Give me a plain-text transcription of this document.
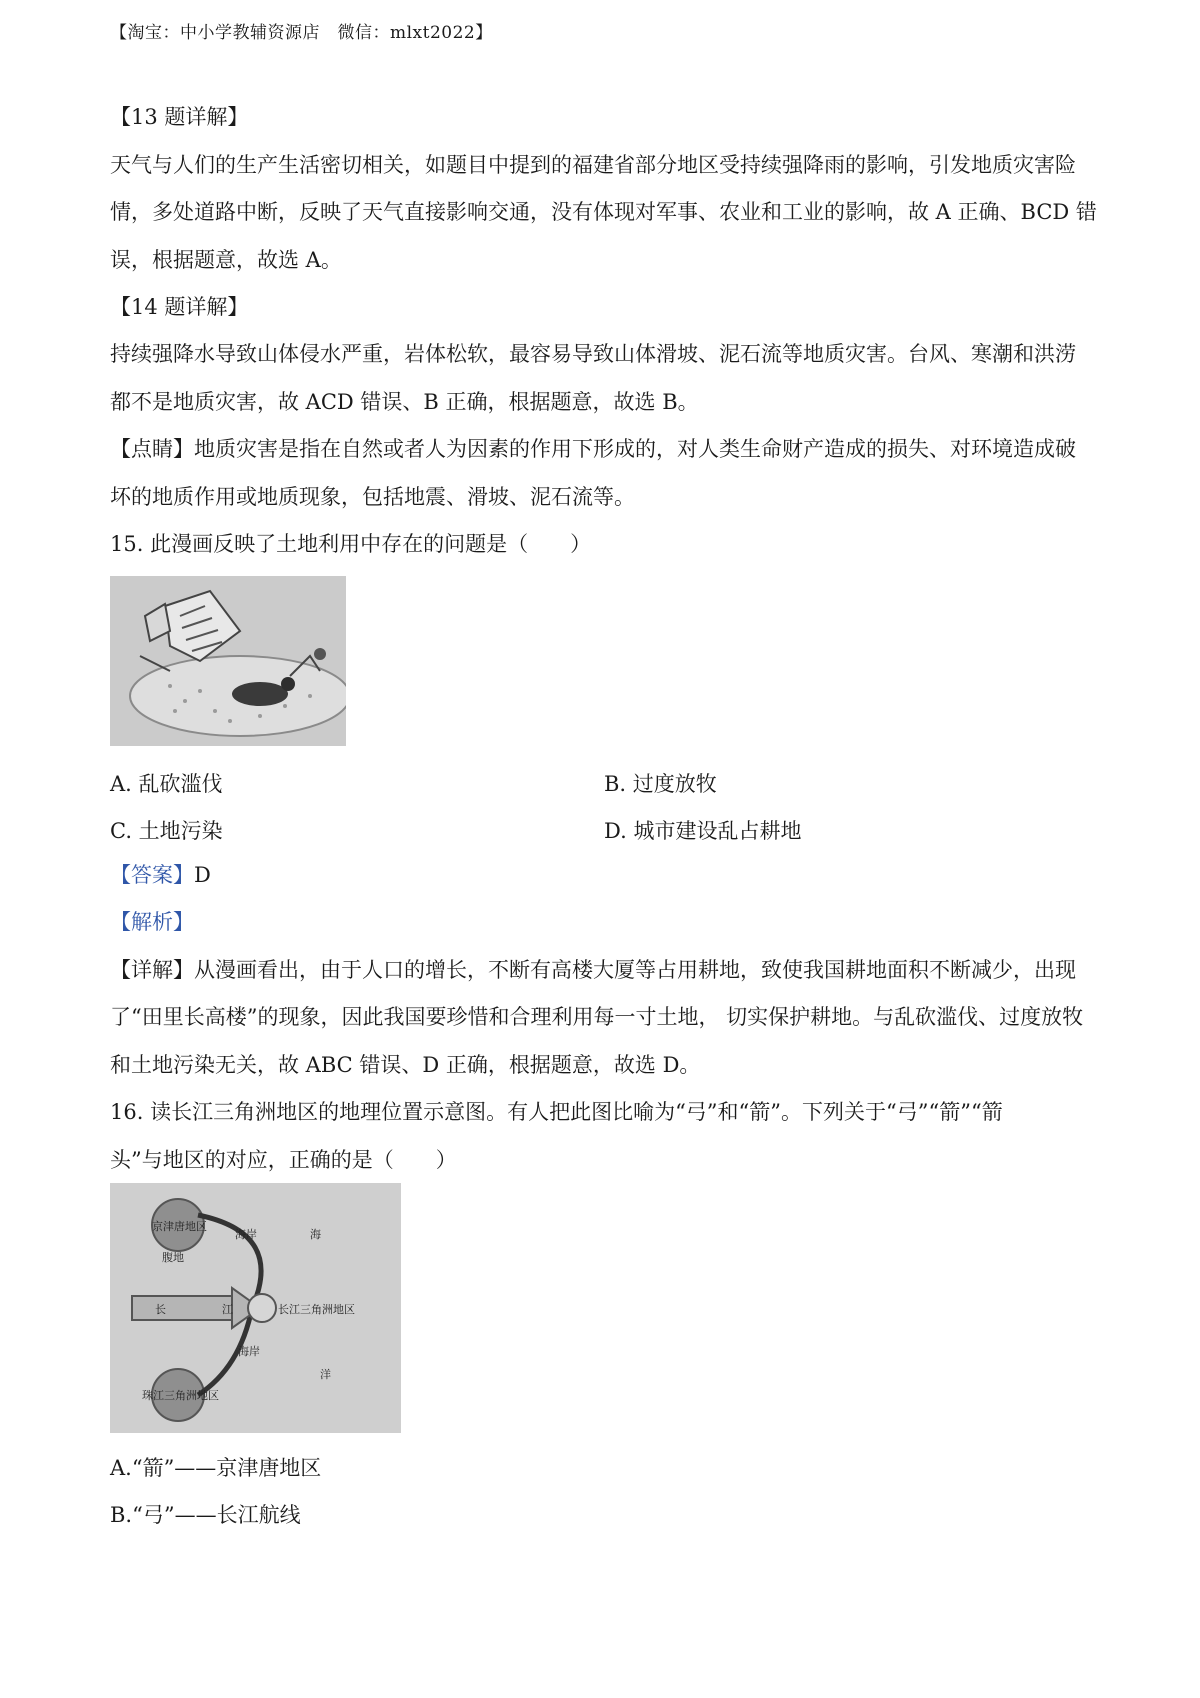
【淘宝：中小学教辅资源店　微信：mlxt2022】
【13 题详解】
天气与人们的生产生活密切相关，如题目中提到的福建省部分地区受持续强降雨的影响，引发地质灾害险
情，多处道路中断，反映了天气直接影响交通，没有体现对军事、农业和工业的影响，故 A 正确、BCD 错
误，根据题意，故选 A。
【14 题详解】
持续强降水导致山体侵水严重，岩体松软，最容易导致山体滑坡、泥石流等地质灾害。台风、寒潮和洪涝
都不是地质灾害，故 ACD 错误、B 正确，根据题意，故选 B。
【点睛】地质灾害是指在自然或者人为因素的作用下形成的，对人类生命财产造成的损失、对环境造成破
坏的地质作用或地质现象，包括地震、滑坡、泥石流等。
15. 此漫画反映了土地利用中存在的问题是（　　）
A. 乱砍滥伐	B. 过度放牧
C. 土地污染	D. 城市建设乱占耕地
【答案】D
【解析】
【详解】从漫画看出，由于人口的增长，不断有高楼大厦等占用耕地，致使我国耕地面积不断减少，出现
了“田里长高楼”的现象，因此我国要珍惜和合理利用每一寸土地， 切实保护耕地。与乱砍滥伐、过度放牧
和土地污染无关，故 ABC 错误、D 正确，根据题意，故选 D。
16. 读长江三角洲地区的地理位置示意图。有人把此图比喻为“弓”和“箭”。下列关于“弓”“箭”“箭
头”与地区的对应，正确的是（　　）
京津唐地区
腹地
海岸	海
长	江	长江三角洲地区
海岸
洋
珠江三角洲地区
A.“箭”——京津唐地区
B.“弓”——长江航线
